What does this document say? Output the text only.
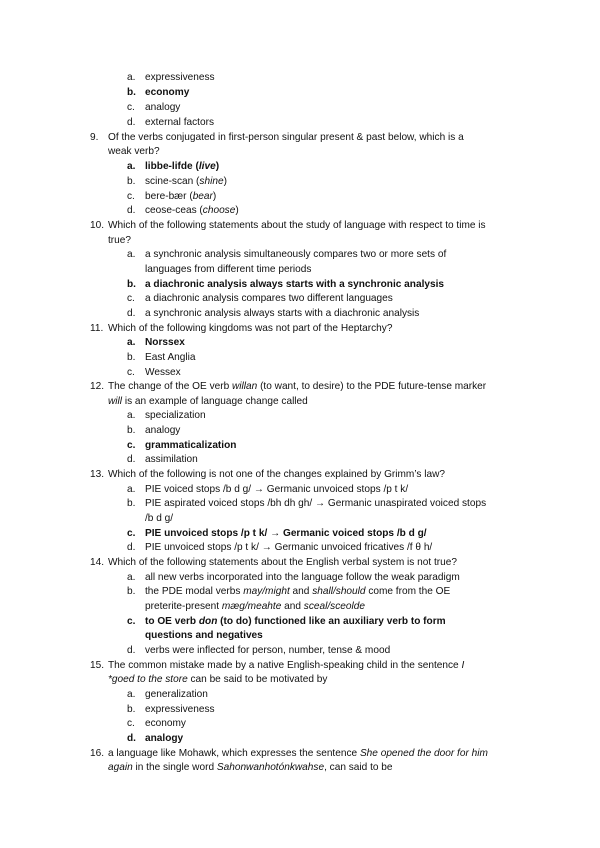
a. expressiveness
b. economy
c. analogy
d. external factors
9. Of the verbs conjugated in first-person singular present & past below, which is a
weak verb?
a. libbe-lifde (live)
b. scine-scan (shine)
c. bere-bær (bear)
d. ceose-ceas (choose)
10. Which of the following statements about the study of language with respect to time is
true?
a. a synchronic analysis simultaneously compares two or more sets of
languages from different time periods
b. a diachronic analysis always starts with a synchronic analysis
c. a diachronic analysis compares two different languages
d. a synchronic analysis always starts with a diachronic analysis
11. Which of the following kingdoms was not part of the Heptarchy?
a. Norssex
b. East Anglia
c. Wessex
12. The change of the OE verb willan (to want, to desire) to the PDE future-tense marker
will is an example of language change called
a. specialization
b. analogy
c. grammaticalization
d. assimilation
13. Which of the following is not one of the changes explained by Grimm’s law?
a. PIE voiced stops /b d g/ → Germanic unvoiced stops /p t k/
b. PIE aspirated voiced stops /bh dh gh/ → Germanic unaspirated voiced stops
/b d g/
c. PIE unvoiced stops /p t k/ → Germanic voiced stops /b d g/
d. PIE unvoiced stops /p t k/ → Germanic unvoiced fricatives /f θ h/
14. Which of the following statements about the English verbal system is not true?
a. all new verbs incorporated into the language follow the weak paradigm
b. the PDE modal verbs may/might and shall/should come from the OE
preterite-present mæg/meahte and sceal/sceolde
c. to OE verb don (to do) functioned like an auxiliary verb to form
questions and negatives
d. verbs were inflected for person, number, tense & mood
15. The common mistake made by a native English-speaking child in the sentence I
*goed to the store can be said to be motivated by
a. generalization
b. expressiveness
c. economy
d. analogy
16. a language like Mohawk, which expresses the sentence She opened the door for him
again in the single word Sahonwanhotónkwahse, can said to be
